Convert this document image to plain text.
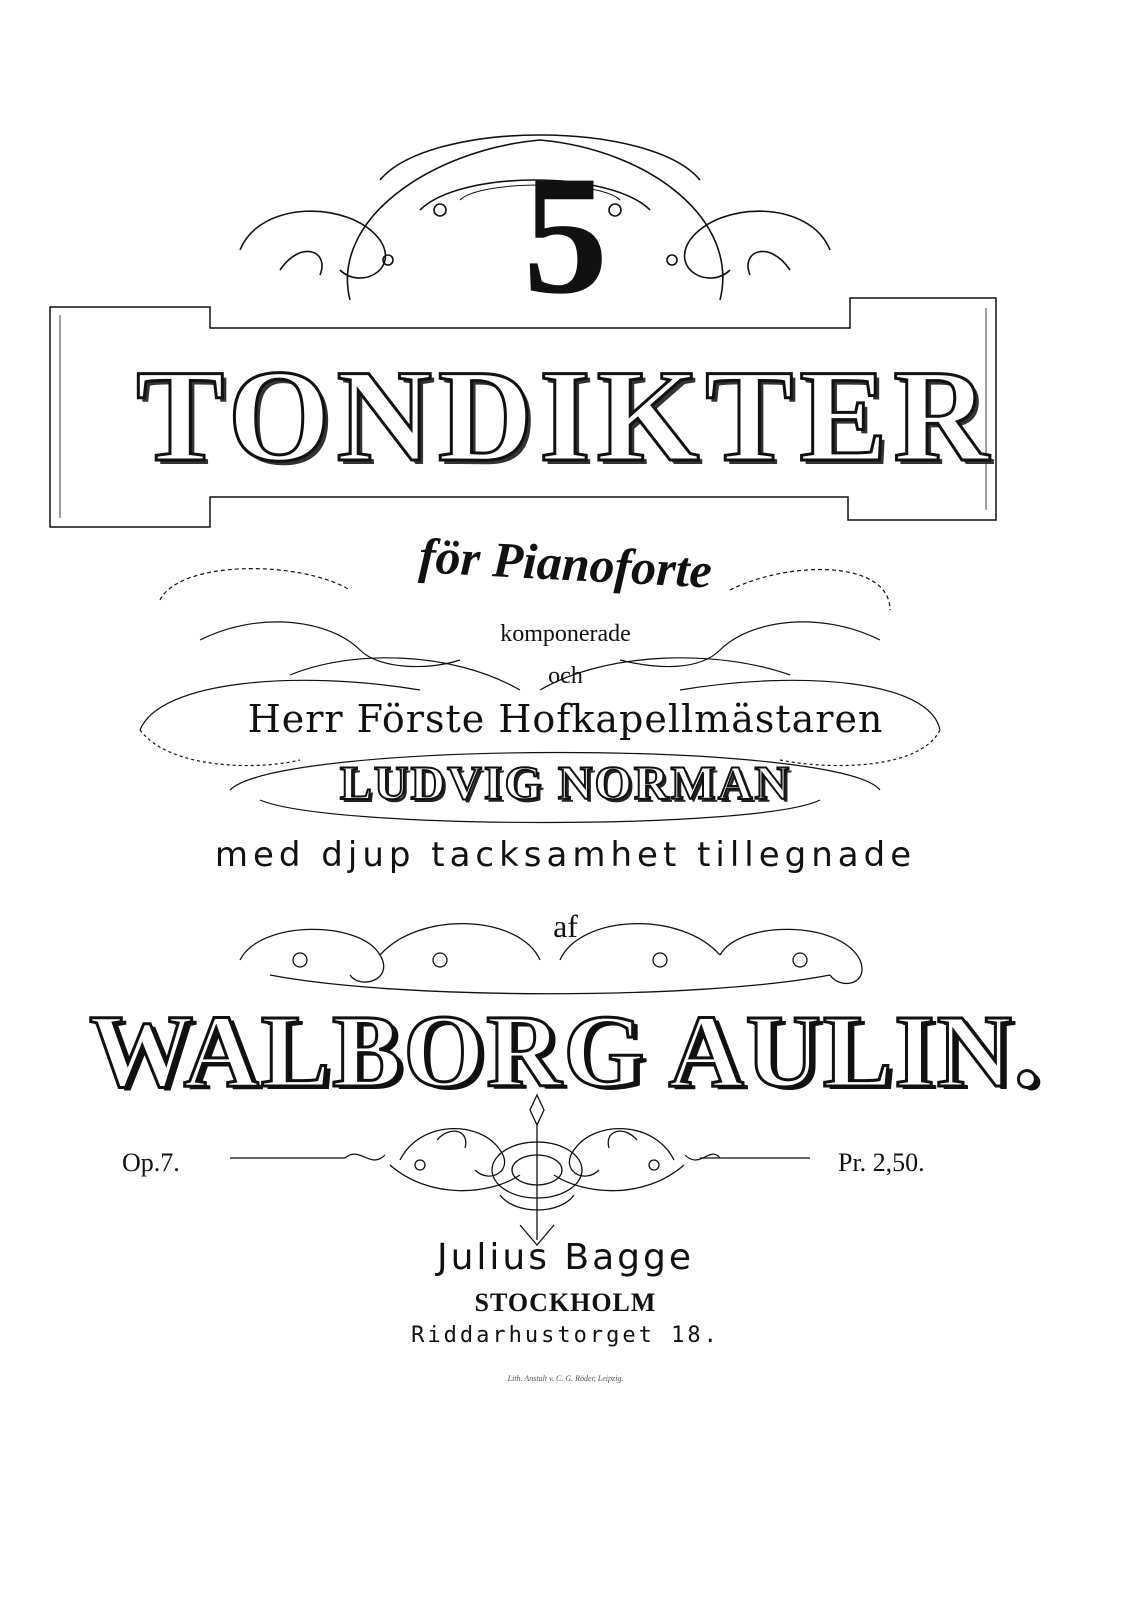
5
TONDIKTER
för Pianoforte
komponerade
och
Herr Förste Hofkapellmästaren
LUDVIG NORMAN
med djup tacksamhet tillegnade
af
WALBORG AULIN.
Op.7.	Pr. 2,50.
Julius Bagge
STOCKHOLM
Riddarhustorget 18.
Lith. Anstalt v. C. G. Röder, Leipzig.
